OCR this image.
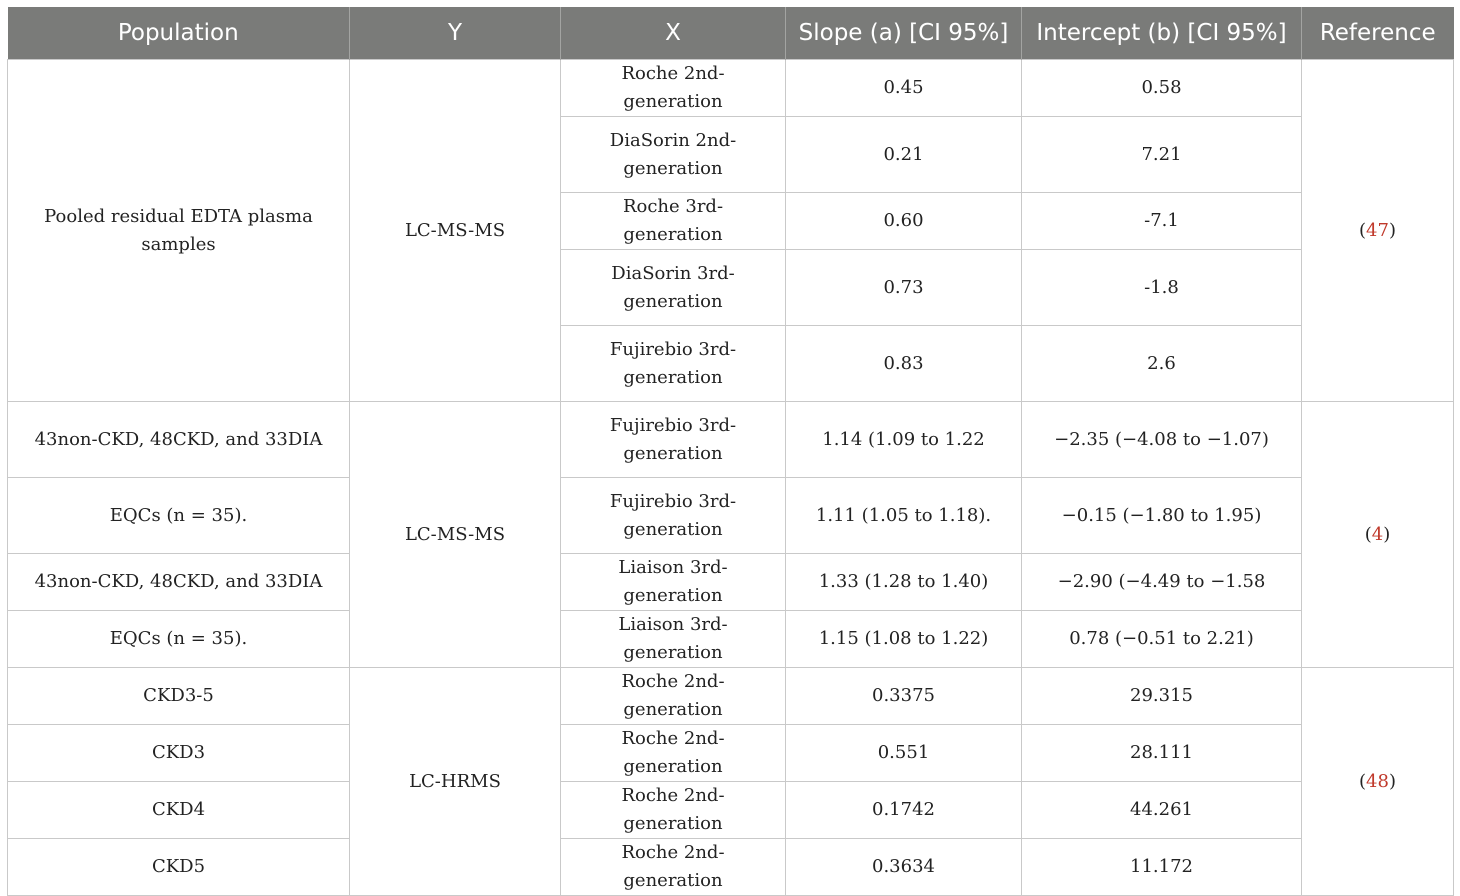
Population	Y	X	Slope (a) [CI 95%]	Intercept (b) [CI 95%]	Reference
Pooled residual EDTA plasma samples	LC-MS-MS	Roche 2nd-generation	0.45	0.58	(47)
		DiaSorin 2nd-generation	0.21	7.21	
		Roche 3rd-generation	0.60	-7.1	
		DiaSorin 3rd-generation	0.73	-1.8	
		Fujirebio 3rd-generation	0.83	2.6	
43non-CKD, 48CKD, and 33DIA	LC-MS-MS	Fujirebio 3rd-generation	1.14 (1.09 to 1.22	−2.35 (−4.08 to −1.07)	(4)
EQCs (n = 35).		Fujirebio 3rd-generation	1.11 (1.05 to 1.18).	−0.15 (−1.80 to 1.95)	
43non-CKD, 48CKD, and 33DIA		Liaison 3rd-generation	1.33 (1.28 to 1.40)	−2.90 (−4.49 to −1.58	
EQCs (n = 35).		Liaison 3rd-generation	1.15 (1.08 to 1.22)	0.78 (−0.51 to 2.21)	
CKD3-5	LC-HRMS	Roche 2nd-generation	0.3375	29.315	(48)
CKD3		Roche 2nd-generation	0.551	28.111	
CKD4		Roche 2nd-generation	0.1742	44.261	
CKD5		Roche 2nd-generation	0.3634	11.172	
